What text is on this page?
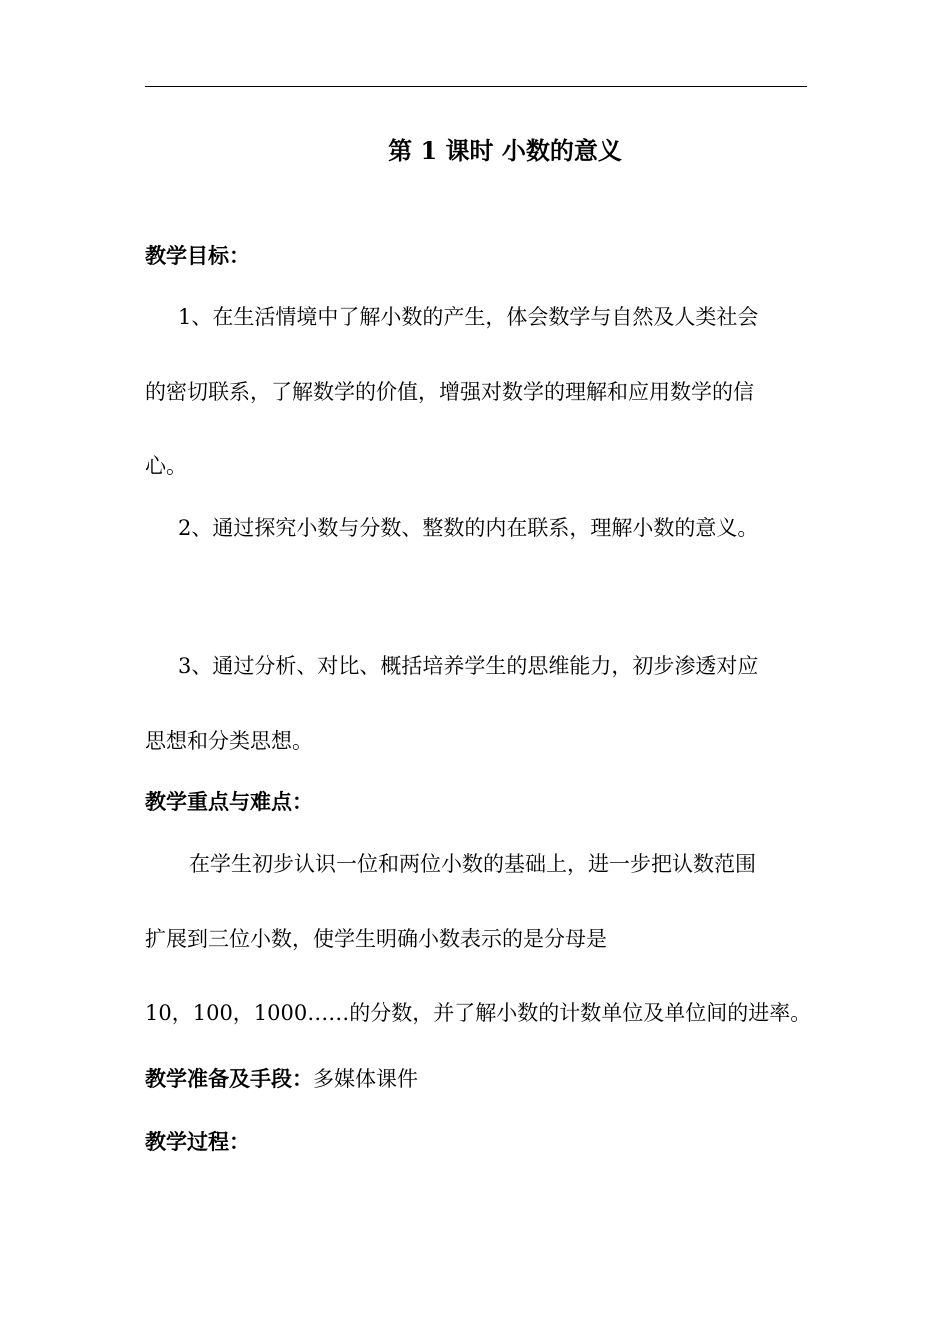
第 1 课时 小数的意义
教学目标：
1、在生活情境中了解小数的产生，体会数学与自然及人类社会
的密切联系，了解数学的价值，增强对数学的理解和应用数学的信
心。
2、通过探究小数与分数、整数的内在联系，理解小数的意义。
3、通过分析、对比、概括培养学生的思维能力，初步渗透对应
思想和分类思想。
教学重点与难点：
在学生初步认识一位和两位小数的基础上，进一步把认数范围
扩展到三位小数，使学生明确小数表示的是分母是
10，100，1000……的分数，并了解小数的计数单位及单位间的进率。
教学准备及手段：多媒体课件
教学过程：
